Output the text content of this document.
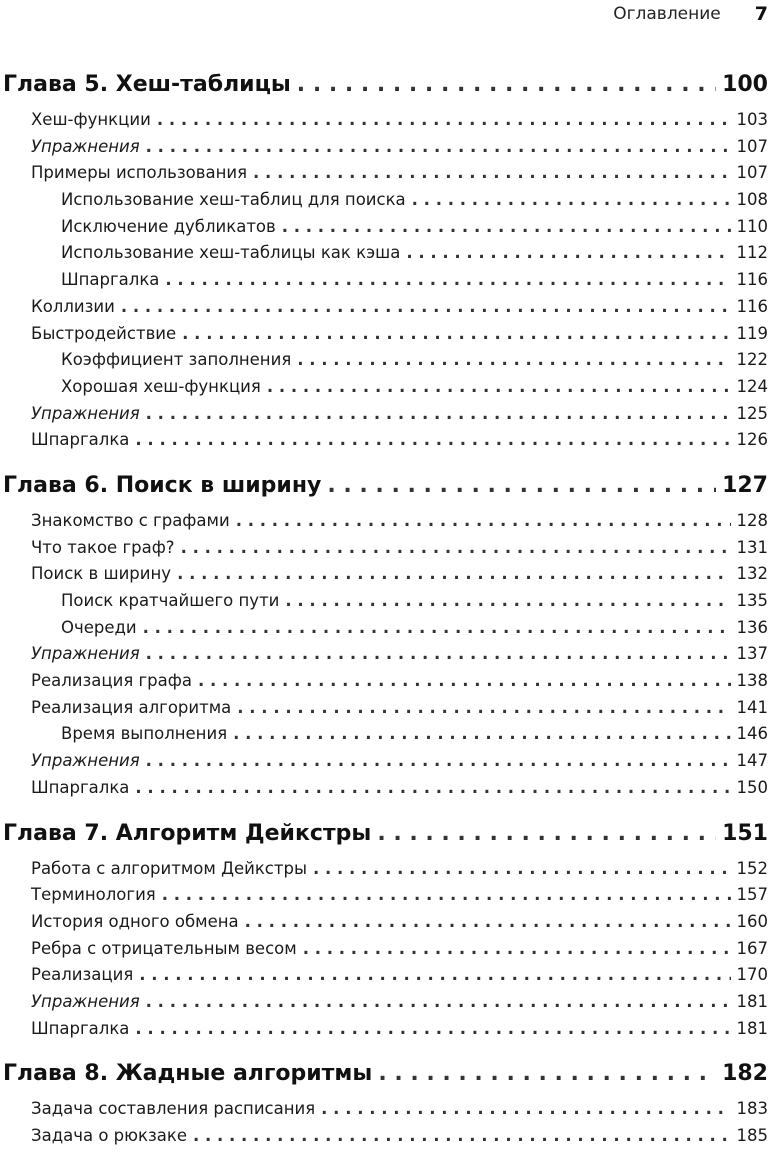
Оглавление 7
Глава 5. Хеш-таблицы . . .	100
Хеш-функции . . .	103
Упражнения . . .	107
Примеры использования . . .	107
Использование хеш-таблиц для поиска . . .	108
Исключение дубликатов . . .	110
Использование хеш-таблицы как кэша . . .	112
Шпаргалка . . .	116
Коллизии . . .	116
Быстродействие . . .	119
Коэффициент заполнения . . .	122
Хорошая хеш-функция . . .	124
Упражнения . . .	125
Шпаргалка . . .	126
Глава 6. Поиск в ширину . . .	127
Знакомство с графами . . .	128
Что такое граф? . . .	131
Поиск в ширину . . .	132
Поиск кратчайшего пути . . .	135
Очереди . . .	136
Упражнения . . .	137
Реализация графа . . .	138
Реализация алгоритма . . .	141
Время выполнения . . .	146
Упражнения . . .	147
Шпаргалка . . .	150
Глава 7. Алгоритм Дейкстры . . .	151
Работа с алгоритмом Дейкстры . . .	152
Терминология . . .	157
История одного обмена . . .	160
Ребра с отрицательным весом . . .	167
Реализация . . .	170
Упражнения . . .	181
Шпаргалка . . .	181
Глава 8. Жадные алгоритмы . . .	182
Задача составления расписания . . .	183
Задача о рюкзаке . . .	185
